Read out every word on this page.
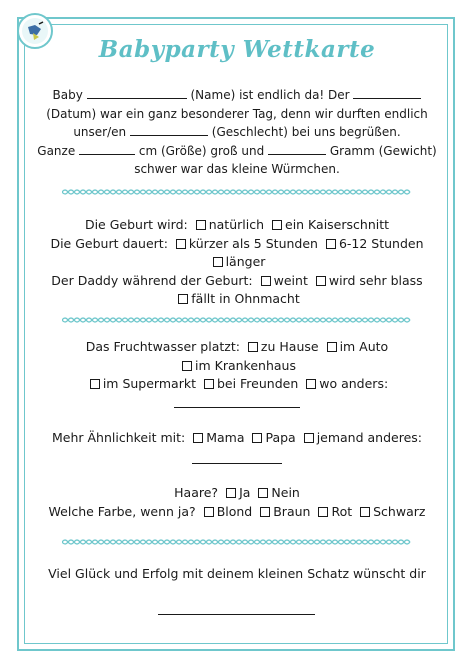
Babyparty Wettkarte
Baby	(Name) ist endlich da! Der
(Datum) war ein ganz besonderer Tag, denn wir durften endlich
unser/en	(Geschlecht) bei uns begrüßen.
Ganze	cm (Größe) groß und	Gramm (Gewicht)
schwer war das kleine Würmchen.
Die Geburt wird: natürlich ein Kaiserschnitt
Die Geburt dauert: kürzer als 5 Stunden 6-12 Stunden
länger
Der Daddy während der Geburt: weint wird sehr blass
fällt in Ohnmacht
Das Fruchtwasser platzt: zu Hause im Auto
im Krankenhaus
im Supermarkt bei Freunden wo anders:
Mehr Ähnlichkeit mit: Mama Papa jemand anderes:
Haare? Ja Nein
Welche Farbe, wenn ja? Blond Braun Rot Schwarz
Viel Glück und Erfolg mit deinem kleinen Schatz wünscht dir
